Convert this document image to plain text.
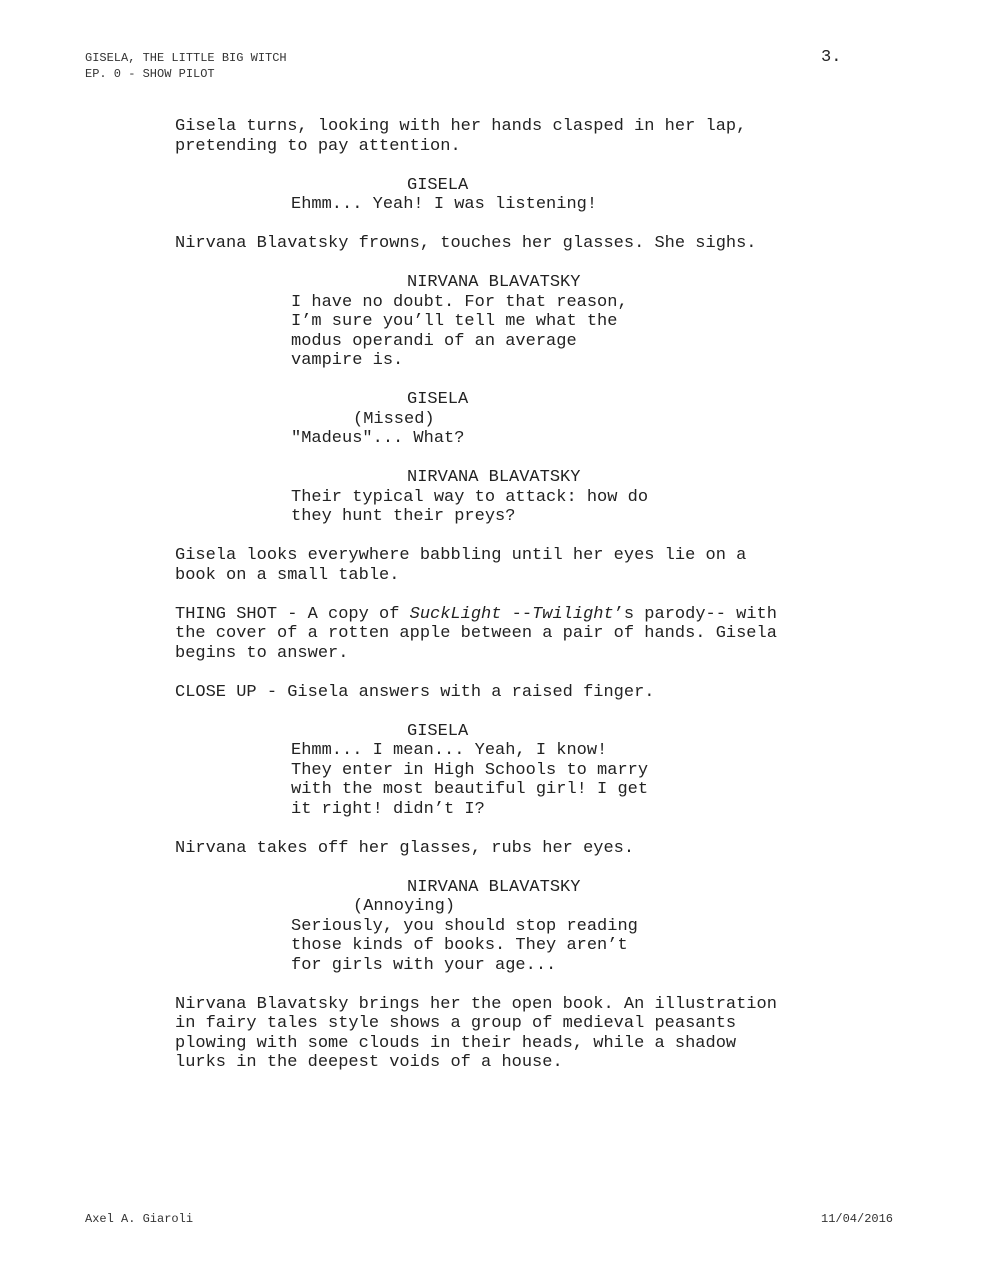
GISELA, THE LITTLE BIG WITCH
EP. 0 - SHOW PILOT
3.
Gisela turns, looking with her hands clasped in her lap,
pretending to pay attention.
GISELA
Ehmm... Yeah! I was listening!
Nirvana Blavatsky frowns, touches her glasses. She sighs.
NIRVANA BLAVATSKY
I have no doubt. For that reason,
I’m sure you’ll tell me what the
modus operandi of an average
vampire is.
GISELA
(Missed)
"Madeus"... What?
NIRVANA BLAVATSKY
Their typical way to attack: how do
they hunt their preys?
Gisela looks everywhere babbling until her eyes lie on a
book on a small table.
THING SHOT - A copy of SuckLight --Twilight’s parody-- with
the cover of a rotten apple between a pair of hands. Gisela
begins to answer.
CLOSE UP - Gisela answers with a raised finger.
GISELA
Ehmm... I mean... Yeah, I know!
They enter in High Schools to marry
with the most beautiful girl! I get
it right! didn’t I?
Nirvana takes off her glasses, rubs her eyes.
NIRVANA BLAVATSKY
(Annoying)
Seriously, you should stop reading
those kinds of books. They aren’t
for girls with your age...
Nirvana Blavatsky brings her the open book. An illustration
in fairy tales style shows a group of medieval peasants
plowing with some clouds in their heads, while a shadow
lurks in the deepest voids of a house.
Axel A. Giaroli	11/04/2016
